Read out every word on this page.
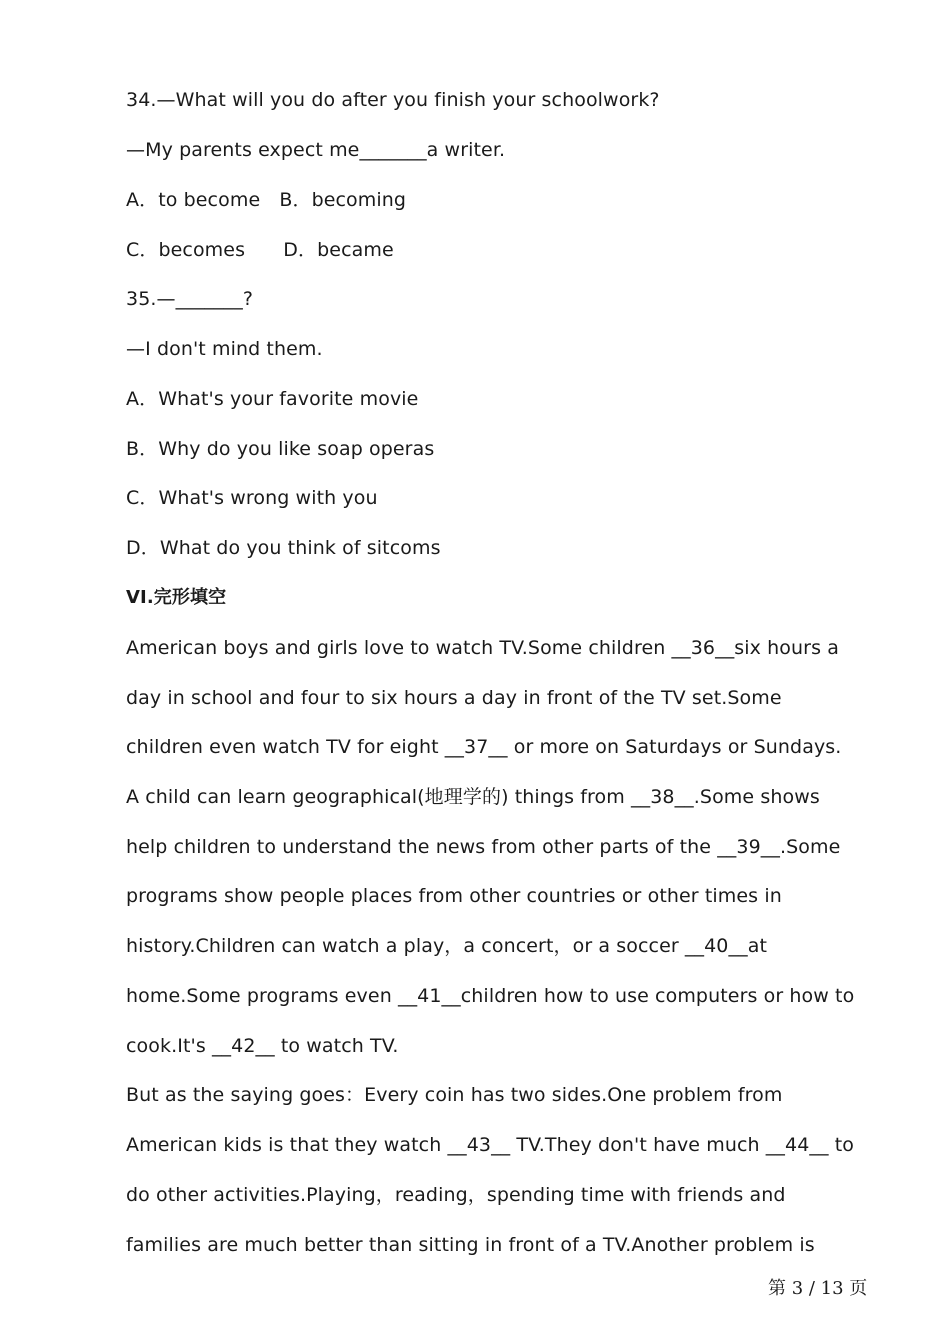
34.—What will you do after you finish your schoolwork?
—My parents expect me_______a writer.
A．to become B．becoming
C．becomes  D．became
35.—_______?
—I don't mind them.
A．What's your favorite movie
B．Why do you like soap operas
C．What's wrong with you
D．What do you think of sitcoms
VI.完形填空
American boys and girls love to watch TV.Some children __36__six hours a
day in school and four to six hours a day in front of the TV set.Some
children even watch TV for eight __37__ or more on Saturdays or Sundays.
A child can learn geographical(地理学的) things from __38__.Some shows
help children to understand the news from other parts of the __39__.Some
programs show people places from other countries or other times in
history.Children can watch a play，a concert，or a soccer __40__at
home.Some programs even __41__children how to use computers or how to
cook.It's __42__ to watch TV.
But as the saying goes：Every coin has two sides.One problem from
American kids is that they watch __43__ TV.They don't have much __44__ to
do other activities.Playing，reading，spending time with friends and
families are much better than sitting in front of a TV.Another problem is
第 3 / 13 页
